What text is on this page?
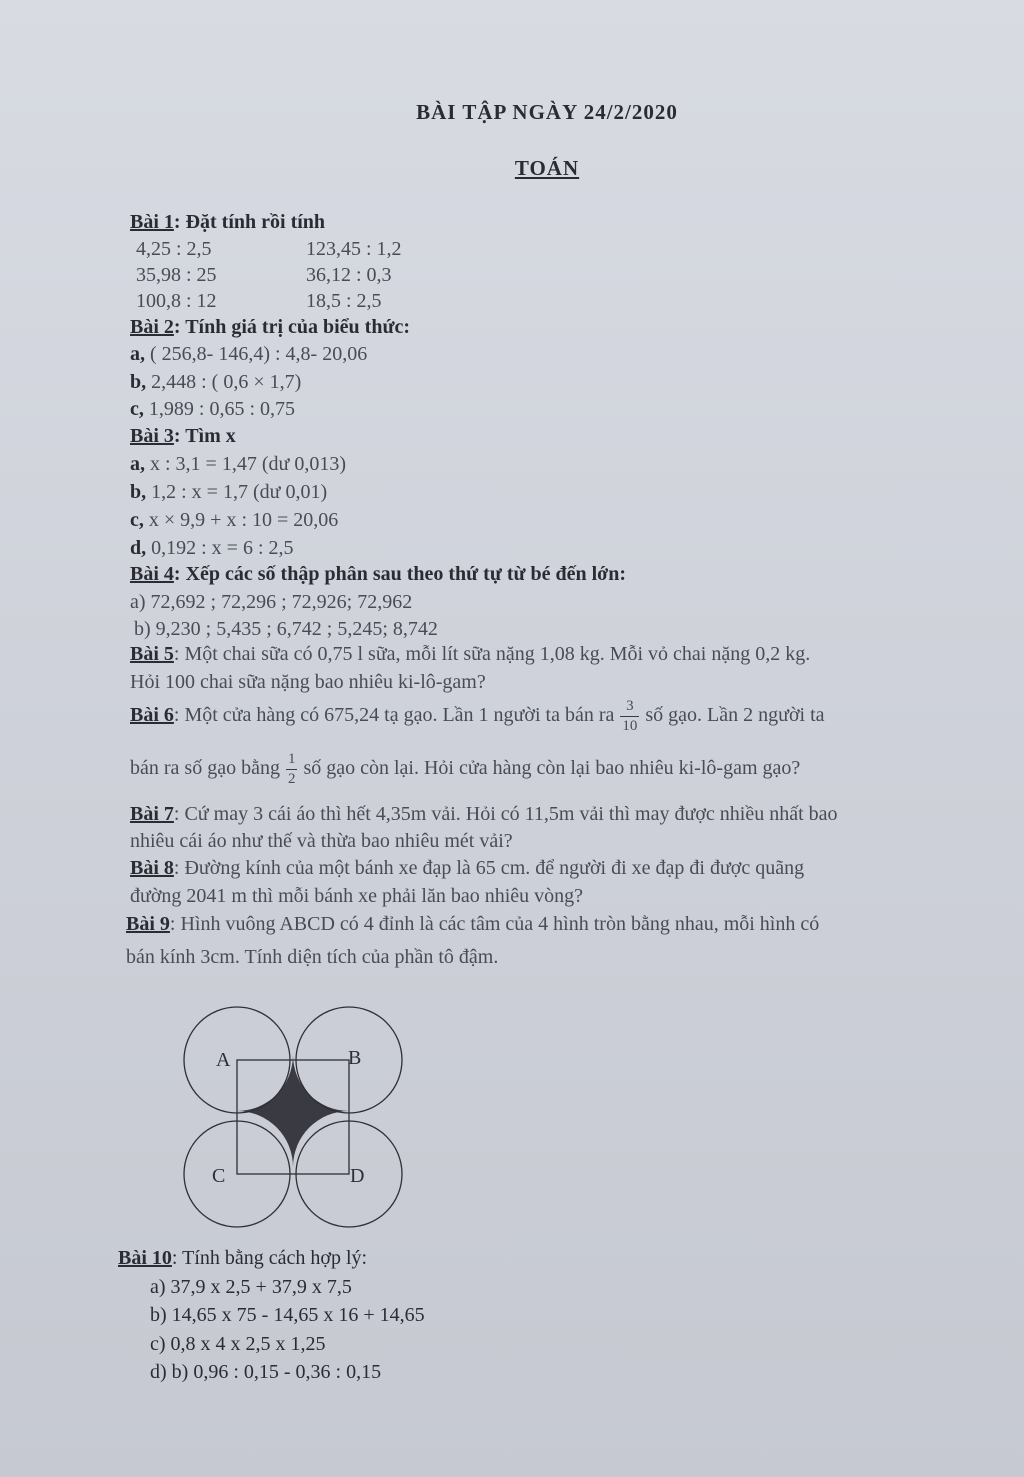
BÀI TẬP NGÀY 24/2/2020
TOÁN
Bài 1: Đặt tính rồi tính
4,25 : 2,5	123,45 : 1,2
35,98 : 25	36,12 : 0,3
100,8 : 12	18,5 : 2,5
Bài 2: Tính giá trị của biểu thức:
a, ( 256,8- 146,4) : 4,8- 20,06
b, 2,448 : ( 0,6 × 1,7)
c, 1,989 : 0,65 : 0,75
Bài 3: Tìm x
a, x : 3,1 = 1,47 (dư 0,013)
b, 1,2 : x = 1,7 (dư 0,01)
c, x × 9,9 + x : 10 = 20,06
d, 0,192 : x = 6 : 2,5
Bài 4: Xếp các số thập phân sau theo thứ tự từ bé đến lớn:
a) 72,692 ; 72,296 ; 72,926; 72,962
b) 9,230 ; 5,435 ; 6,742 ; 5,245; 8,742
Bài 5: Một chai sữa có 0,75 l sữa, mỗi lít sữa nặng 1,08 kg. Mỗi vỏ chai nặng 0,2 kg.
Hỏi 100 chai sữa nặng bao nhiêu ki-lô-gam?
Bài 6: Một cửa hàng có 675,24 tạ gạo. Lần 1 người ta bán ra $\frac{3}{10}$ số gạo. Lần 2 người ta
bán ra số gạo bằng $\frac{1}{2}$ số gạo còn lại. Hỏi cửa hàng còn lại bao nhiêu ki-lô-gam gạo?
Bài 7: Cứ may 3 cái áo thì hết 4,35m vải. Hỏi có 11,5m vải thì may được nhiều nhất bao
nhiêu cái áo như thế và thừa bao nhiêu mét vải?
Bài 8: Đường kính của một bánh xe đạp là 65 cm. để người đi xe đạp đi được quãng
đường 2041 m thì mỗi bánh xe phải lăn bao nhiêu vòng?
Bài 9: Hình vuông ABCD có 4 đỉnh là các tâm của 4 hình tròn bằng nhau, mỗi hình có
bán kính 3cm. Tính diện tích của phần tô đậm.
A	B
C	D
Bài 10: Tính bằng cách hợp lý:
a) 37,9 x 2,5 + 37,9 x 7,5
b) 14,65 x 75 - 14,65 x 16 + 14,65
c) 0,8 x 4 x 2,5 x 1,25
d) b) 0,96 : 0,15 - 0,36 : 0,15
